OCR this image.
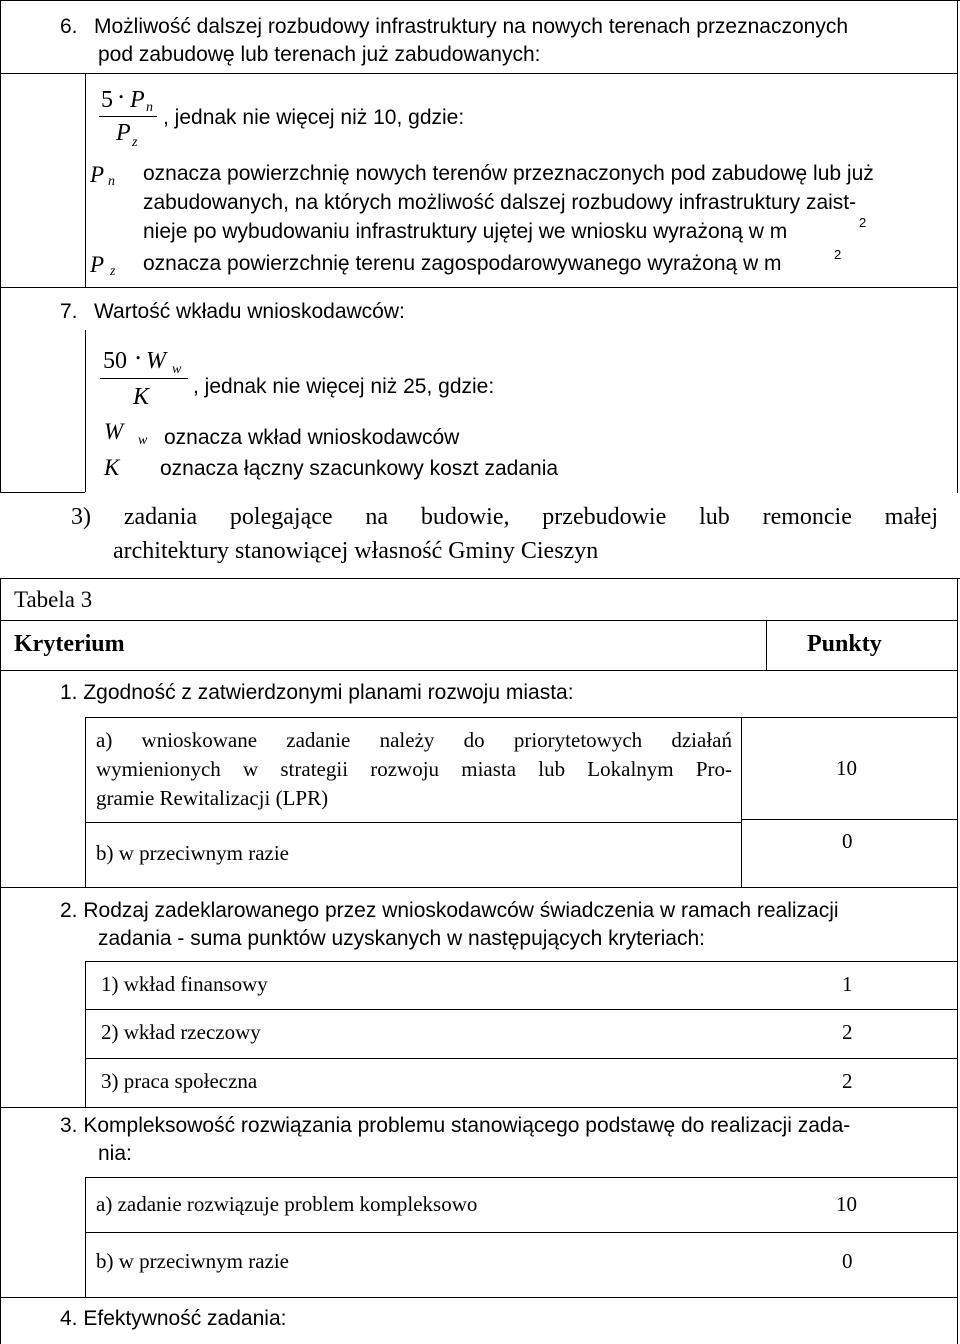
6. Możliwość dalszej rozbudowy infrastruktury na nowych terenach przeznaczonych
pod zabudowę lub terenach już zabudowanych:
5 ⋅ P n
P z
, jednak nie więcej niż 10, gdzie:
P n oznacza powierzchnię nowych terenów przeznaczonych pod zabudowę lub już
zabudowanych, na których możliwość dalszej rozbudowy infrastruktury zaist-
nieje po wybudowaniu infrastruktury ujętej we wniosku wyrażoną w m	2
P z oznacza powierzchnię terenu zagospodarowywanego wyrażoną w m	2
7. Wartość wkładu wnioskodawców:
50 ⋅ W w
K , jednak nie więcej niż 25, gdzie:
W w oznacza wkład wnioskodawców
K oznacza łączny szacunkowy koszt zadania
3) zadania polegające na budowie, przebudowie lub remoncie małej
architektury stanowiącej własność Gminy Cieszyn
Tabela 3
Kryterium	Punkty
1. Zgodność z zatwierdzonymi planami rozwoju miasta:
a) wnioskowane zadanie należy do priorytetowych działań
wymienionych w strategii rozwoju miasta lub Lokalnym Pro-
gramie Rewitalizacji (LPR)
10
b) w przeciwnym razie	0
2. Rodzaj zadeklarowanego przez wnioskodawców świadczenia w ramach realizacji
zadania - suma punktów uzyskanych w następujących kryteriach:
1) wkład finansowy	1
2) wkład rzeczowy	2
3) praca społeczna	2
3. Kompleksowość rozwiązania problemu stanowiącego podstawę do realizacji zada-
nia:
a) zadanie rozwiązuje problem kompleksowo	10
b) w przeciwnym razie	0
4. Efektywność zadania:
